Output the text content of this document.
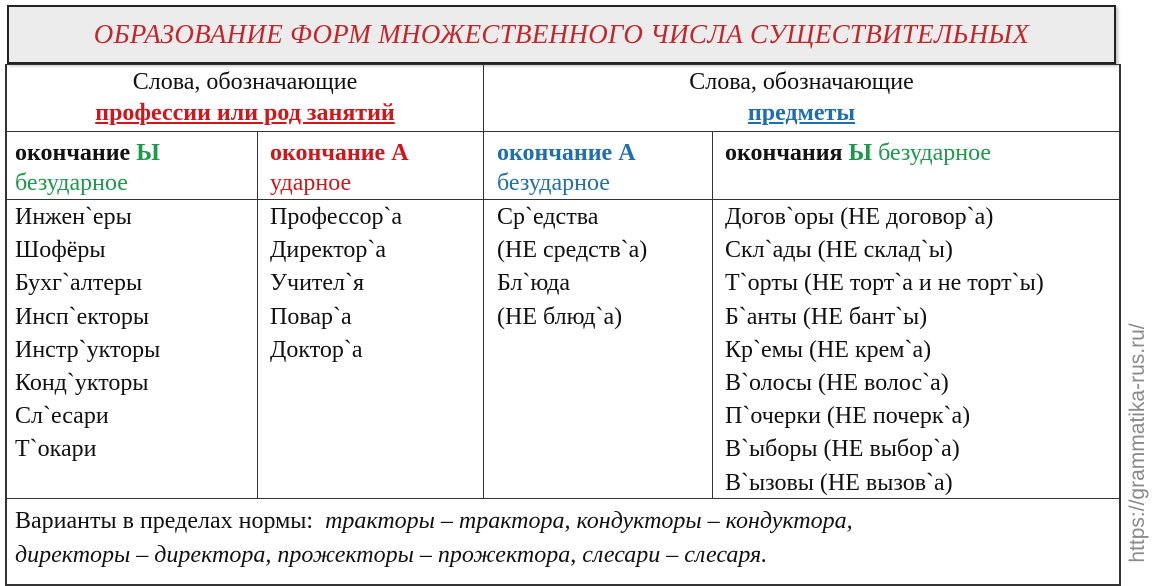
ОБРАЗОВАНИЕ ФОРМ МНОЖЕСТВЕННОГО ЧИСЛА СУЩЕСТВИТЕЛЬНЫХ
Слова, обозначающие
профессии или род занятий
Слова, обозначающие
предметы
окончание Ы
безударное
окончание А
ударное
окончание А
безударное
окончания Ы безударное
Инжен`еры
Шофёры
Бухг`алтеры
Инсп`екторы
Инстр`укторы
Конд`укторы
Сл`есари
Т`окари
Профессор`а
Директор`а
Учител`я
Повар`а
Доктор`а
Ср`едства
(НЕ средств`а)
Бл`юда
(НЕ блюд`а)
Догов`оры (НЕ договор`а)
Скл`ады (НЕ склад`ы)
Т`орты (НЕ торт`а и не торт`ы)
Б`анты (НЕ бант`ы)
Кр`емы (НЕ крем`а)
В`олосы (НЕ волос`а)
П`очерки (НЕ почерк`а)
В`ыборы (НЕ выбор`а)
В`ызовы (НЕ вызов`а)
Варианты в пределах нормы: тракторы – трактора, кондукторы – кондуктора,
директоры – директора, прожекторы – прожектора, слесари – слесаря.	https://grammatika-rus.ru/
